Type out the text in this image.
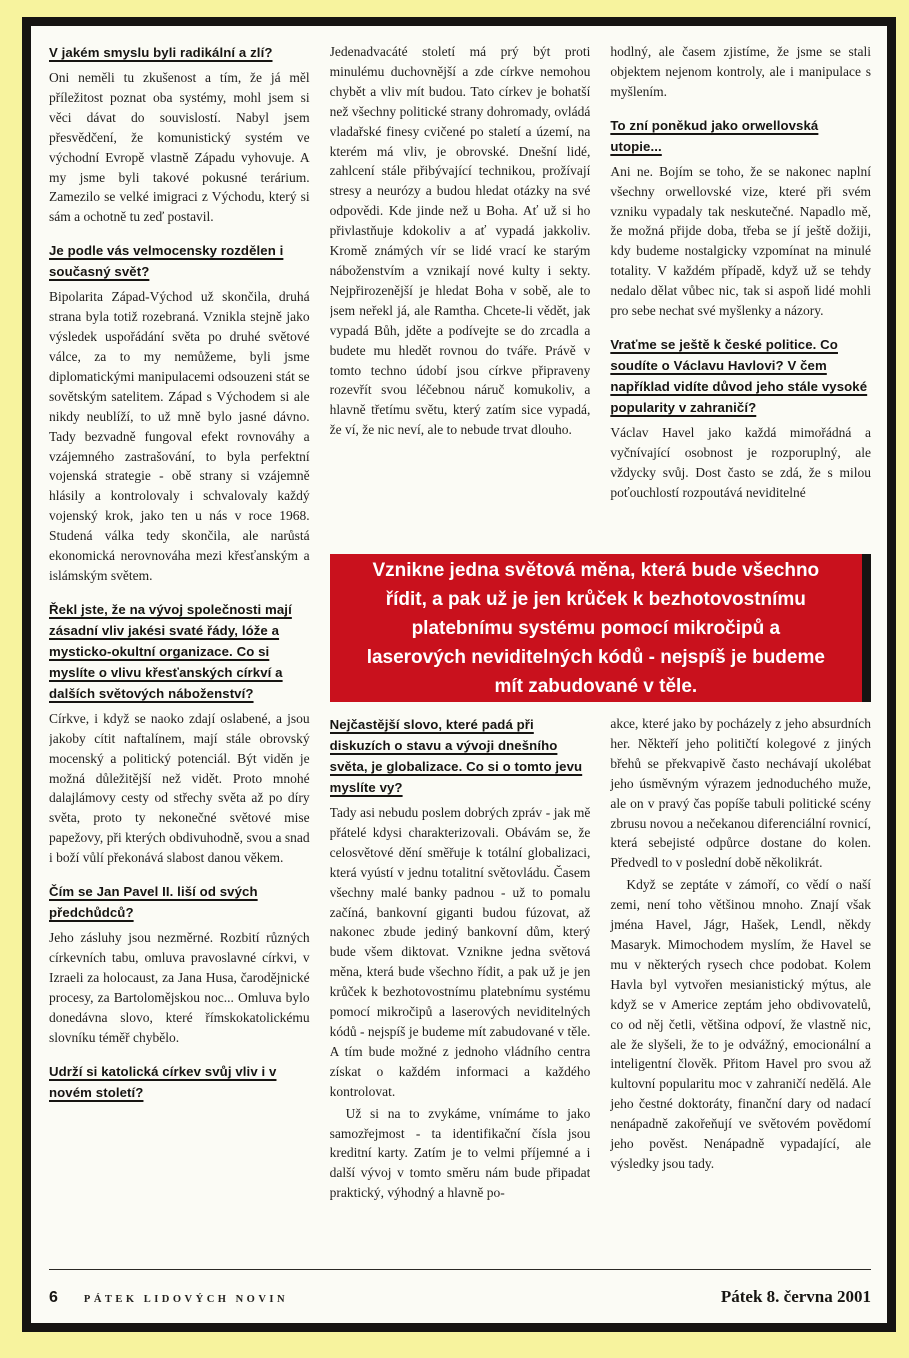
V jakém smyslu byli radikální a zlí?

Oni neměli tu zkušenost a tím, že já měl příležitost poznat oba systémy, mohl jsem si věci dávat do souvislostí. Nabyl jsem přesvědčení, že komunistický systém ve východní Evropě vlastně Západu vyhovuje. A my jsme byli takové pokusné terárium. Zamezilo se velké imigraci z Východu, který si sám a ochotně tu zeď postavil.

Je podle vás velmocensky rozdělen i současný svět?

Bipolarita Západ-Východ už skončila, druhá strana byla totiž rozebraná. Vznikla stejně jako výsledek uspořádání světa po druhé světové válce, za to my nemůžeme, byli jsme diplomatickými manipulacemi odsouzeni stát se sovětským satelitem. Západ s Východem si ale nikdy neublíží, to už mně bylo jasné dávno. Tady bezvadně fungoval efekt rovnováhy a vzájemného zastrašování, to byla perfektní vojenská strategie - obě strany si vzájemně hlásily a kontrolovaly i schvalovaly každý vojenský krok, jako ten u nás v roce 1968. Studená válka tedy skončila, ale narůstá ekonomická nerovnováha mezi křesťanským a islámským světem.

Řekl jste, že na vývoj společnosti mají zásadní vliv jakési svaté řády, lóže a mysticko-okultní organizace. Co si myslíte o vlivu křesťanských církví a dalších světových náboženství?

Církve, i když se naoko zdají oslabené, a jsou jakoby cítit naftalínem, mají stále obrovský mocenský a politický potenciál. Být viděn je možná důležitější než vidět. Proto mnohé dalajlámovy cesty od střechy světa až po díry světa, proto ty nekonečné světové mise papežovy, při kterých obdivuhodně, svou a snad i boží vůlí překonává slabost danou věkem.

Čím se Jan Pavel II. liší od svých předchůdců?

Jeho zásluhy jsou nezměrné. Rozbití různých církevních tabu, omluva pravoslavné církvi, v Izraeli za holocaust, za Jana Husa, čarodějnické procesy, za Bartolomějskou noc... Omluva bylo donedávna slovo, které římskokatolickému slovníku téměř chybělo.

Udrží si katolická církev svůj vliv i v novém století?

Jedenadvacáté století má prý být proti minulému duchovnější a zde církve nemohou chybět a vliv mít budou. Tato církev je bohatší než všechny politické strany dohromady, ovládá vladařské finesy cvičené po staletí a území, na kterém má vliv, je obrovské. Dnešní lidé, zahlcení stále přibývající technikou, prožívají stresy a neurózy a budou hledat otázky na své odpovědi. Kde jinde než u Boha. Ať už si ho přivlastňuje kdokoliv a ať vypadá jakkoliv. Kromě známých vír se lidé vrací ke starým náboženstvím a vznikají nové kulty i sekty. Nejpřirozenější je hledat Boha v sobě, ale to jsem neřekl já, ale Ramtha. Chcete-li vědět, jak vypadá Bůh, jděte a podívejte se do zrcadla a budete mu hledět rovnou do tváře. Právě v tomto techno údobí jsou církve připraveny rozevřít svou léčebnou náruč komukoliv, a hlavně třetímu světu, který zatím sice vypadá, že ví, že nic neví, ale to nebude trvat dlouho.

hodlný, ale časem zjistíme, že jsme se stali objektem nejenom kontroly, ale i manipulace s myšlením.

To zní poněkud jako orwellovská utopie...

Ani ne. Bojím se toho, že se nakonec naplní všechny orwellovské vize, které při svém vzniku vypadaly tak neskutečné. Napadlo mě, že možná přijde doba, třeba se jí ještě dožiji, kdy budeme nostalgicky vzpomínat na minulé totality. V každém případě, když už se tehdy nedalo dělat vůbec nic, tak si aspoň lidé mohli pro sebe nechat své myšlenky a názory.

Vraťme se ještě k české politice. Co soudíte o Václavu Havlovi? V čem například vidíte důvod jeho stále vysoké popularity v zahraničí?

Václav Havel jako každá mimořádná a vyčnívající osobnost je rozporuplný, ale vždycky svůj. Dost často se zdá, že s milou poťouchlostí rozpoutává neviditelné

Vznikne jedna světová měna, která bude všechno řídit, a pak už je jen krůček k bezhotovostnímu platebnímu systému pomocí mikročipů a laserových neviditelných kódů - nejspíš je budeme mít zabudované v těle.

Nejčastější slovo, které padá při diskuzích o stavu a vývoji dnešního světa, je globalizace. Co si o tomto jevu myslíte vy?

Tady asi nebudu poslem dobrých zpráv - jak mě přátelé kdysi charakterizovali. Obávám se, že celosvětové dění směřuje k totální globalizaci, která vyústí v jednu totalitní světovládu. Časem všechny malé banky padnou - už to pomalu začíná, bankovní giganti budou fúzovat, až nakonec zbude jediný bankovní dům, který bude všem diktovat. Vznikne jedna světová měna, která bude všechno řídit, a pak už je jen krůček k bezhotovostnímu platebnímu systému pomocí mikročipů a laserových neviditelných kódů - nejspíš je budeme mít zabudované v těle. A tím bude možné z jednoho vládního centra získat o každém informaci a každého kontrolovat.

Už si na to zvykáme, vnímáme to jako samozřejmost - ta identifikační čísla jsou kreditní karty. Zatím je to velmi příjemné a i další vývoj v tomto směru nám bude připadat praktický, výhodný a hlavně po-

akce, které jako by pocházely z jeho absurdních her. Někteří jeho političtí kolegové z jiných břehů se překvapivě často nechávají ukolébat jeho úsměvným výrazem jednoduchého muže, ale on v pravý čas popíše tabuli politické scény zbrusu novou a nečekanou diferenciální rovnicí, která sebejisté odpůrce dostane do kolen. Předvedl to v poslední době několikrát.

Když se zeptáte v zámoří, co vědí o naší zemi, není toho většinou mnoho. Znají však jména Havel, Jágr, Hašek, Lendl, někdy Masaryk. Mimochodem myslím, že Havel se mu v některých rysech chce podobat. Kolem Havla byl vytvořen mesianistický mýtus, ale když se v Americe zeptám jeho obdivovatelů, co od něj četli, většina odpoví, že vlastně nic, ale že slyšeli, že to je odvážný, emocionální a inteligentní člověk. Přitom Havel pro svou až kultovní popularitu moc v zahraničí nedělá. Ale jeho čestné doktoráty, finanční dary od nadací nenápadně zakořeňují ve světovém povědomí jeho pověst. Nenápadně vypadající, ale výsledky jsou tady.

6 PÁTEK LIDOVÝCH NOVIN	Pátek 8. června 2001
